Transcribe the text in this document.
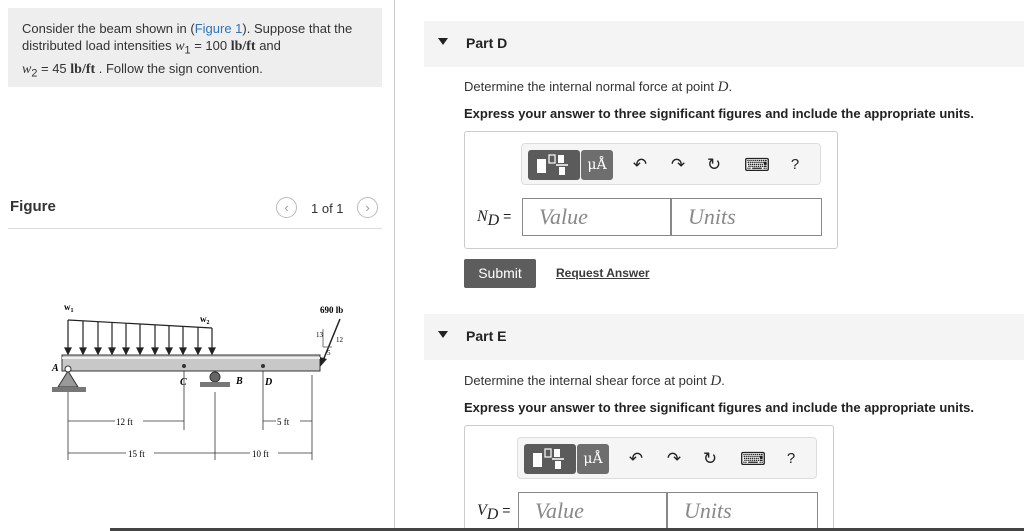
Consider the beam shown in (Figure 1). Suppose that the
distributed load intensities $w_1 = 100$ lb/ft and
$w_2 = 45$ lb/ft . Follow the sign convention.
Figure	‹	1 of 1	›
$w_1$
$w_2$
A
C	B D
690 lb
13
12
5
12 ft	5 ft
15 ft	10 ft
Part D
Determine the internal normal force at point D.
Express your answer to three significant figures and include the appropriate units.
μÅ	↶ ↷ ↻ ⌨	?
$N_D$ =	Value	Units
Submit	Request Answer
Part E
Determine the internal shear force at point D.
Express your answer to three significant figures and include the appropriate units.
μÅ	↶ ↷ ↻ ⌨	?
$V_D$ =	Value	Units
